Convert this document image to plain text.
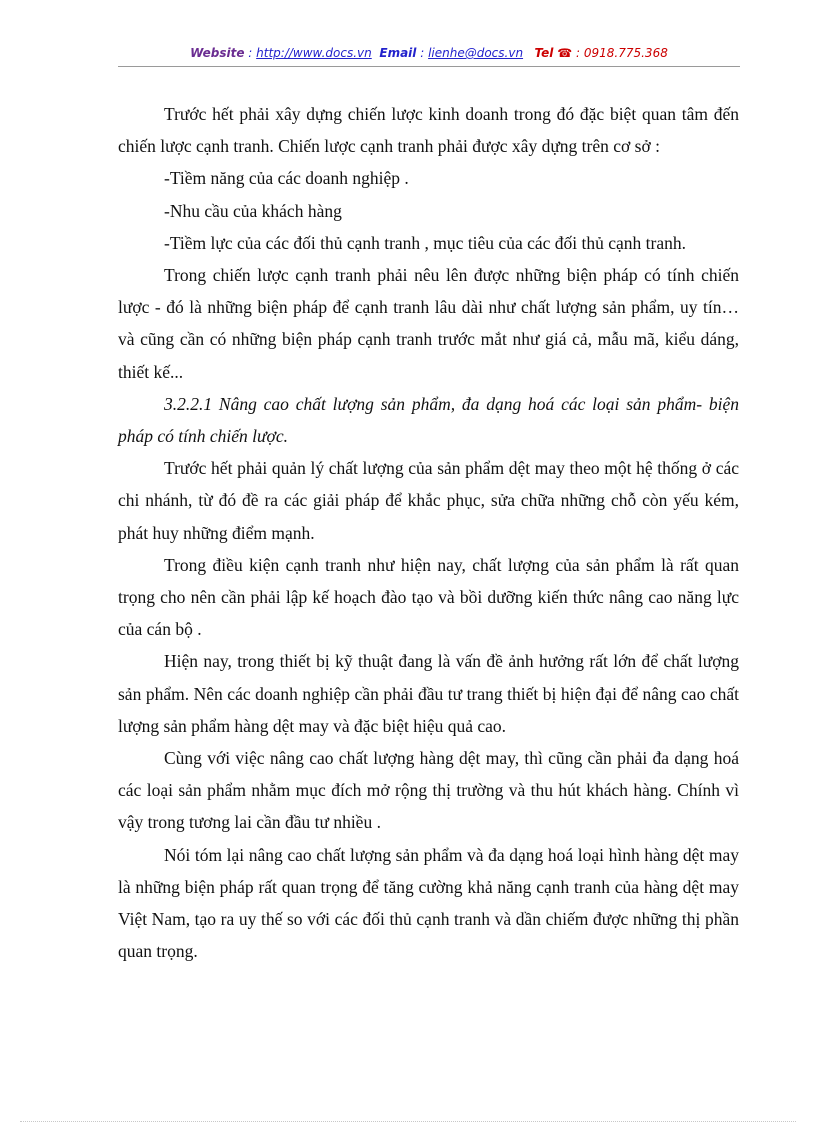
Website : http://www.docs.vn Email : lienhe@docs.vn Tel ☎ : 0918.775.368

Trước hết phải xây dựng chiến lược kinh doanh trong đó đặc biệt quan tâm đến chiến lược cạnh tranh. Chiến lược cạnh tranh phải được xây dựng trên cơ sở :

-Tiềm năng của các doanh nghiệp .

-Nhu cầu của khách hàng

-Tiềm lực của các đối thủ cạnh tranh , mục tiêu của các đối thủ cạnh tranh.

Trong chiến lược cạnh tranh phải nêu lên được những biện pháp có tính chiến lược - đó là những biện pháp để cạnh tranh lâu dài như chất lượng sản phẩm, uy tín… và cũng cần có những biện pháp cạnh tranh trước mắt như giá cả, mẫu mã, kiểu dáng, thiết kế...

3.2.2.1 Nâng cao chất lượng sản phẩm, đa dạng hoá các loại sản phẩm- biện pháp có tính chiến lược.

Trước hết phải quản lý chất lượng của sản phẩm dệt may theo một hệ thống ở các chi nhánh, từ đó đề ra các giải pháp để khắc phục, sửa chữa những chỗ còn yếu kém, phát huy những điểm mạnh.

Trong điều kiện cạnh tranh như hiện nay, chất lượng của sản phẩm là rất quan trọng cho nên cần phải lập kế hoạch đào tạo và bồi dưỡng kiến thức nâng cao năng lực của cán bộ .

Hiện nay, trong thiết bị kỹ thuật đang là vấn đề ảnh hưởng rất lớn để chất lượng sản phẩm. Nên các doanh nghiệp cần phải đầu tư trang thiết bị hiện đại để nâng cao chất lượng sản phẩm hàng dệt may và đặc biệt hiệu quả cao.

Cùng với việc nâng cao chất lượng hàng dệt may, thì cũng cần phải đa dạng hoá các loại sản phẩm nhằm mục đích mở rộng thị trường và thu hút khách hàng. Chính vì vậy trong tương lai cần đầu tư nhiều .

Nói tóm lại nâng cao chất lượng sản phẩm và đa dạng hoá loại hình hàng dệt may là những biện pháp rất quan trọng để tăng cường khả năng cạnh tranh của hàng dệt may Việt Nam, tạo ra uy thế so với các đối thủ cạnh tranh và dần chiếm được những thị phần quan trọng.
